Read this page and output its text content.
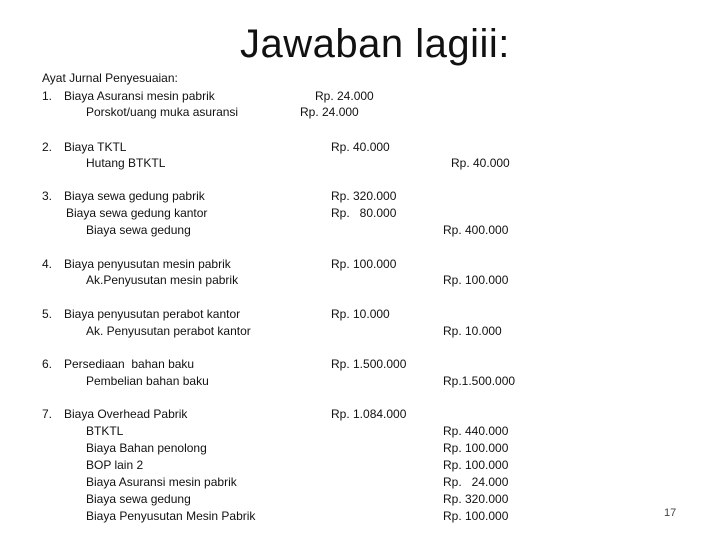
Jawaban lagiii:
Ayat Jurnal Penyesuaian:
1. Biaya Asuransi mesin pabrik	Rp. 24.000
Porskot/uang muka asuransi	Rp. 24.000
2. Biaya TKTL	Rp. 40.000
Hutang BTKTL	Rp. 40.000
3. Biaya sewa gedung pabrik	Rp. 320.000
Biaya sewa gedung kantor	Rp.   80.000
Biaya sewa gedung	Rp. 400.000
4. Biaya penyusutan mesin pabrik	Rp. 100.000
Ak.Penyusutan mesin pabrik	Rp. 100.000
5. Biaya penyusutan perabot kantor	Rp. 10.000
Ak. Penyusutan perabot kantor	Rp. 10.000
6. Persediaan  bahan baku	Rp. 1.500.000
Pembelian bahan baku	Rp.1.500.000
7. Biaya Overhead Pabrik	Rp. 1.084.000
BTKTL	Rp. 440.000
Biaya Bahan penolong	Rp. 100.000
BOP lain 2	Rp. 100.000
Biaya Asuransi mesin pabrik	Rp.   24.000
Biaya sewa gedung	Rp. 320.000
Biaya Penyusutan Mesin Pabrik	Rp. 100.000	17
